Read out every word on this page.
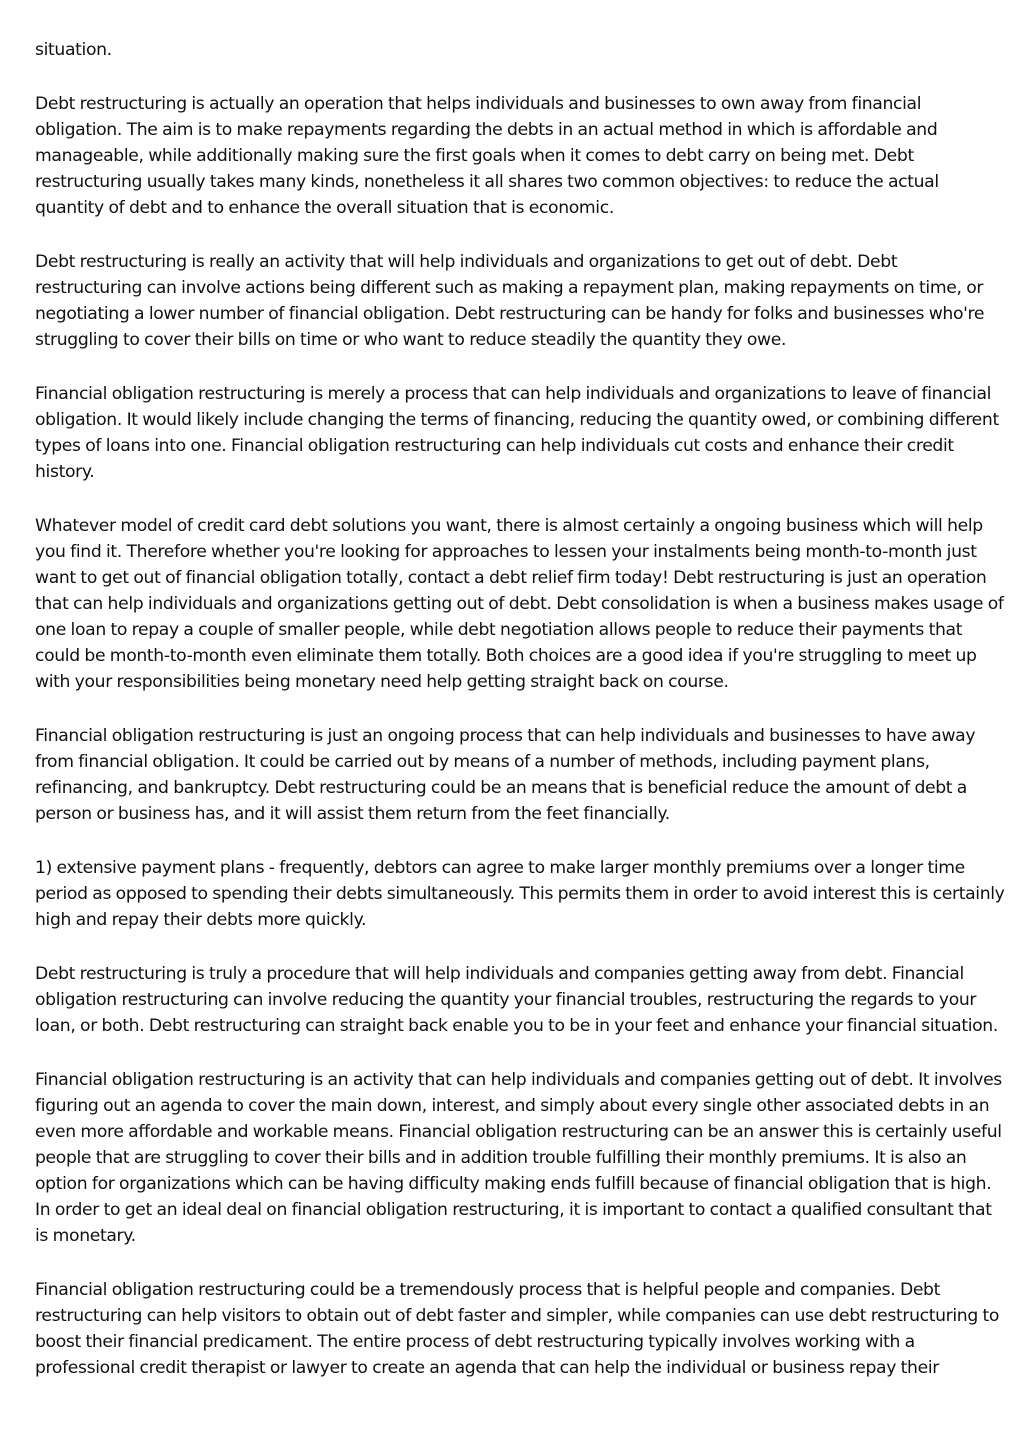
situation.

Debt restructuring is actually an operation that helps individuals and businesses to own away from financial obligation. The aim is to make repayments regarding the debts in an actual method in which is affordable and manageable, while additionally making sure the first goals when it comes to debt carry on being met. Debt restructuring usually takes many kinds, nonetheless it all shares two common objectives: to reduce the actual quantity of debt and to enhance the overall situation that is economic.

Debt restructuring is really an activity that will help individuals and organizations to get out of debt. Debt restructuring can involve actions being different such as making a repayment plan, making repayments on time, or negotiating a lower number of financial obligation. Debt restructuring can be handy for folks and businesses who're struggling to cover their bills on time or who want to reduce steadily the quantity they owe.

Financial obligation restructuring is merely a process that can help individuals and organizations to leave of financial obligation. It would likely include changing the terms of financing, reducing the quantity owed, or combining different types of loans into one. Financial obligation restructuring can help individuals cut costs and enhance their credit history.

Whatever model of credit card debt solutions you want, there is almost certainly a ongoing business which will help you find it. Therefore whether you're looking for approaches to lessen your instalments being month-to-month just want to get out of financial obligation totally, contact a debt relief firm today! Debt restructuring is just an operation that can help individuals and organizations getting out of debt. Debt consolidation is when a business makes usage of one loan to repay a couple of smaller people, while debt negotiation allows people to reduce their payments that could be month-to-month even eliminate them totally. Both choices are a good idea if you're struggling to meet up with your responsibilities being monetary need help getting straight back on course.

Financial obligation restructuring is just an ongoing process that can help individuals and businesses to have away from financial obligation. It could be carried out by means of a number of methods, including payment plans, refinancing, and bankruptcy. Debt restructuring could be an means that is beneficial reduce the amount of debt a person or business has, and it will assist them return from the feet financially.

1) extensive payment plans - frequently, debtors can agree to make larger monthly premiums over a longer time period as opposed to spending their debts simultaneously. This permits them in order to avoid interest this is certainly high and repay their debts more quickly.

Debt restructuring is truly a procedure that will help individuals and companies getting away from debt. Financial obligation restructuring can involve reducing the quantity your financial troubles, restructuring the regards to your loan, or both. Debt restructuring can straight back enable you to be in your feet and enhance your financial situation.

Financial obligation restructuring is an activity that can help individuals and companies getting out of debt. It involves figuring out an agenda to cover the main down, interest, and simply about every single other associated debts in an even more affordable and workable means. Financial obligation restructuring can be an answer this is certainly useful people that are struggling to cover their bills and in addition trouble fulfilling their monthly premiums. It is also an option for organizations which can be having difficulty making ends fulfill because of financial obligation that is high. In order to get an ideal deal on financial obligation restructuring, it is important to contact a qualified consultant that is monetary.

Financial obligation restructuring could be a tremendously process that is helpful people and companies. Debt restructuring can help visitors to obtain out of debt faster and simpler, while companies can use debt restructuring to boost their financial predicament. The entire process of debt restructuring typically involves working with a professional credit therapist or lawyer to create an agenda that can help the individual or business repay their
